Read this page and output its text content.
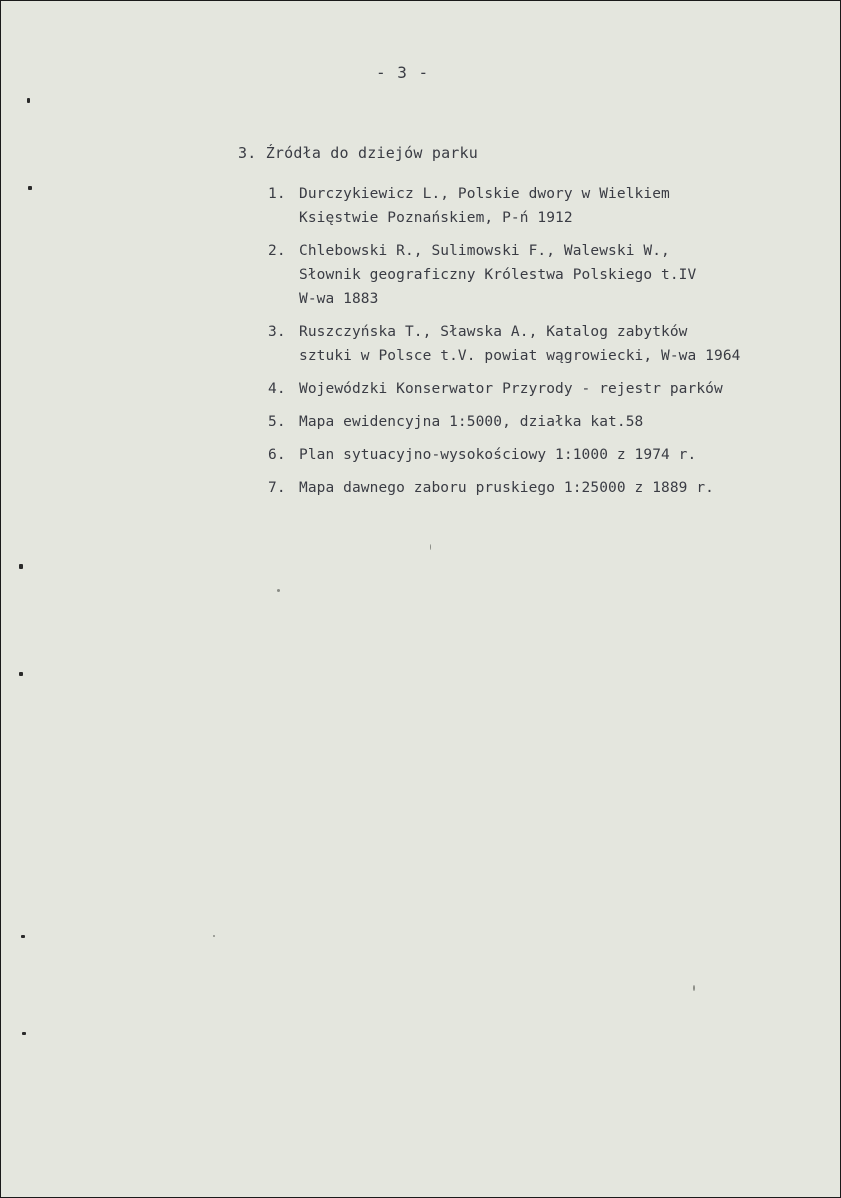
- 3 -
3. Źródła do dziejów parku
1. Durczykiewicz L., Polskie dwory w Wielkiem
Księstwie Poznańskiem, P-ń 1912
2. Chlebowski R., Sulimowski F., Walewski W.,
Słownik geograficzny Królestwa Polskiego t.IV
W-wa 1883
3. Ruszczyńska T., Sławska A., Katalog zabytków
sztuki w Polsce t.V. powiat wągrowiecki, W-wa 1964
4. Wojewódzki Konserwator Przyrody - rejestr parków
5. Mapa ewidencyjna 1:5000, działka kat.58
6. Plan sytuacyjno-wysokościowy 1:1000 z 1974 r.
7. Mapa dawnego zaboru pruskiego 1:25000 z 1889 r.
